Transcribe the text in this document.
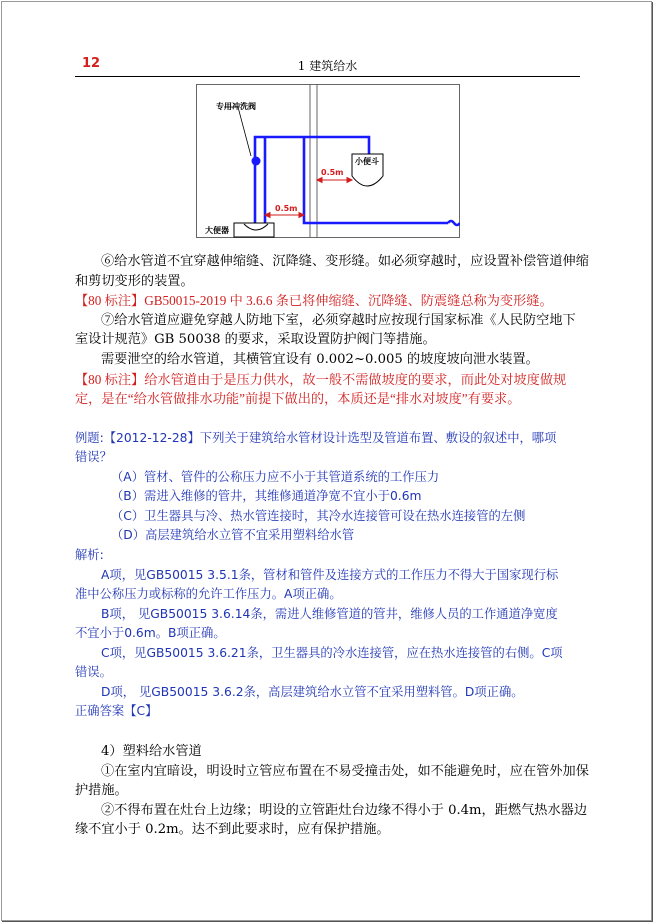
12	1 建筑给水
专用冲洗阀
小便斗
大便器
0.5m
0.5m
⑥给水管道不宜穿越伸缩缝、沉降缝、变形缝。如必须穿越时，应设置补偿管道伸缩
和剪切变形的装置。
【80 标注】GB50015-2019 中 3.6.6 条已将伸缩缝、沉降缝、防震缝总称为变形缝。
⑦给水管道应避免穿越人防地下室，必须穿越时应按现行国家标准《人民防空地下
室设计规范》GB 50038 的要求，采取设置防护阀门等措施。
需要泄空的给水管道，其横管宜设有 0.002~0.005 的坡度坡向泄水装置。
【80 标注】给水管道由于是压力供水，故一般不需做坡度的要求，而此处对坡度做规
定，是在“给水管做排水功能”前提下做出的，本质还是“排水对坡度”有要求。
例题:【2012-12-28】下列关于建筑给水管材设计选型及管道布置、敷设的叙述中，哪项
错误？
（A）管材、管件的公称压力应不小于其管道系统的工作压力
（B）需进入维修的管井，其维修通道净宽不宜小于0.6m
（C）卫生器具与冷、热水管连接时，其冷水连接管可设在热水连接管的左侧
（D）高层建筑给水立管不宜采用塑料给水管
解析:
A项，见GB50015 3.5.1条，管材和管件及连接方式的工作压力不得大于国家现行标
准中公称压力或标称的允许工作压力。A项正确。
B项， 见GB50015 3.6.14条，需进人维修管道的管井，维修人员的工作通道净宽度
不宜小于0.6m。B项正确。
C项，见GB50015 3.6.21条，卫生器具的冷水连接管，应在热水连接管的右侧。C项
错误。
D项， 见GB50015 3.6.2条，高层建筑给水立管不宜采用塑料管。D项正确。
正确答案【C】
4）塑料给水管道
①在室内宜暗设，明设时立管应布置在不易受撞击处，如不能避免时，应在管外加保
护措施。
②不得布置在灶台上边缘；明设的立管距灶台边缘不得小于 0.4m，距燃气热水器边
缘不宜小于 0.2m。达不到此要求时，应有保护措施。
